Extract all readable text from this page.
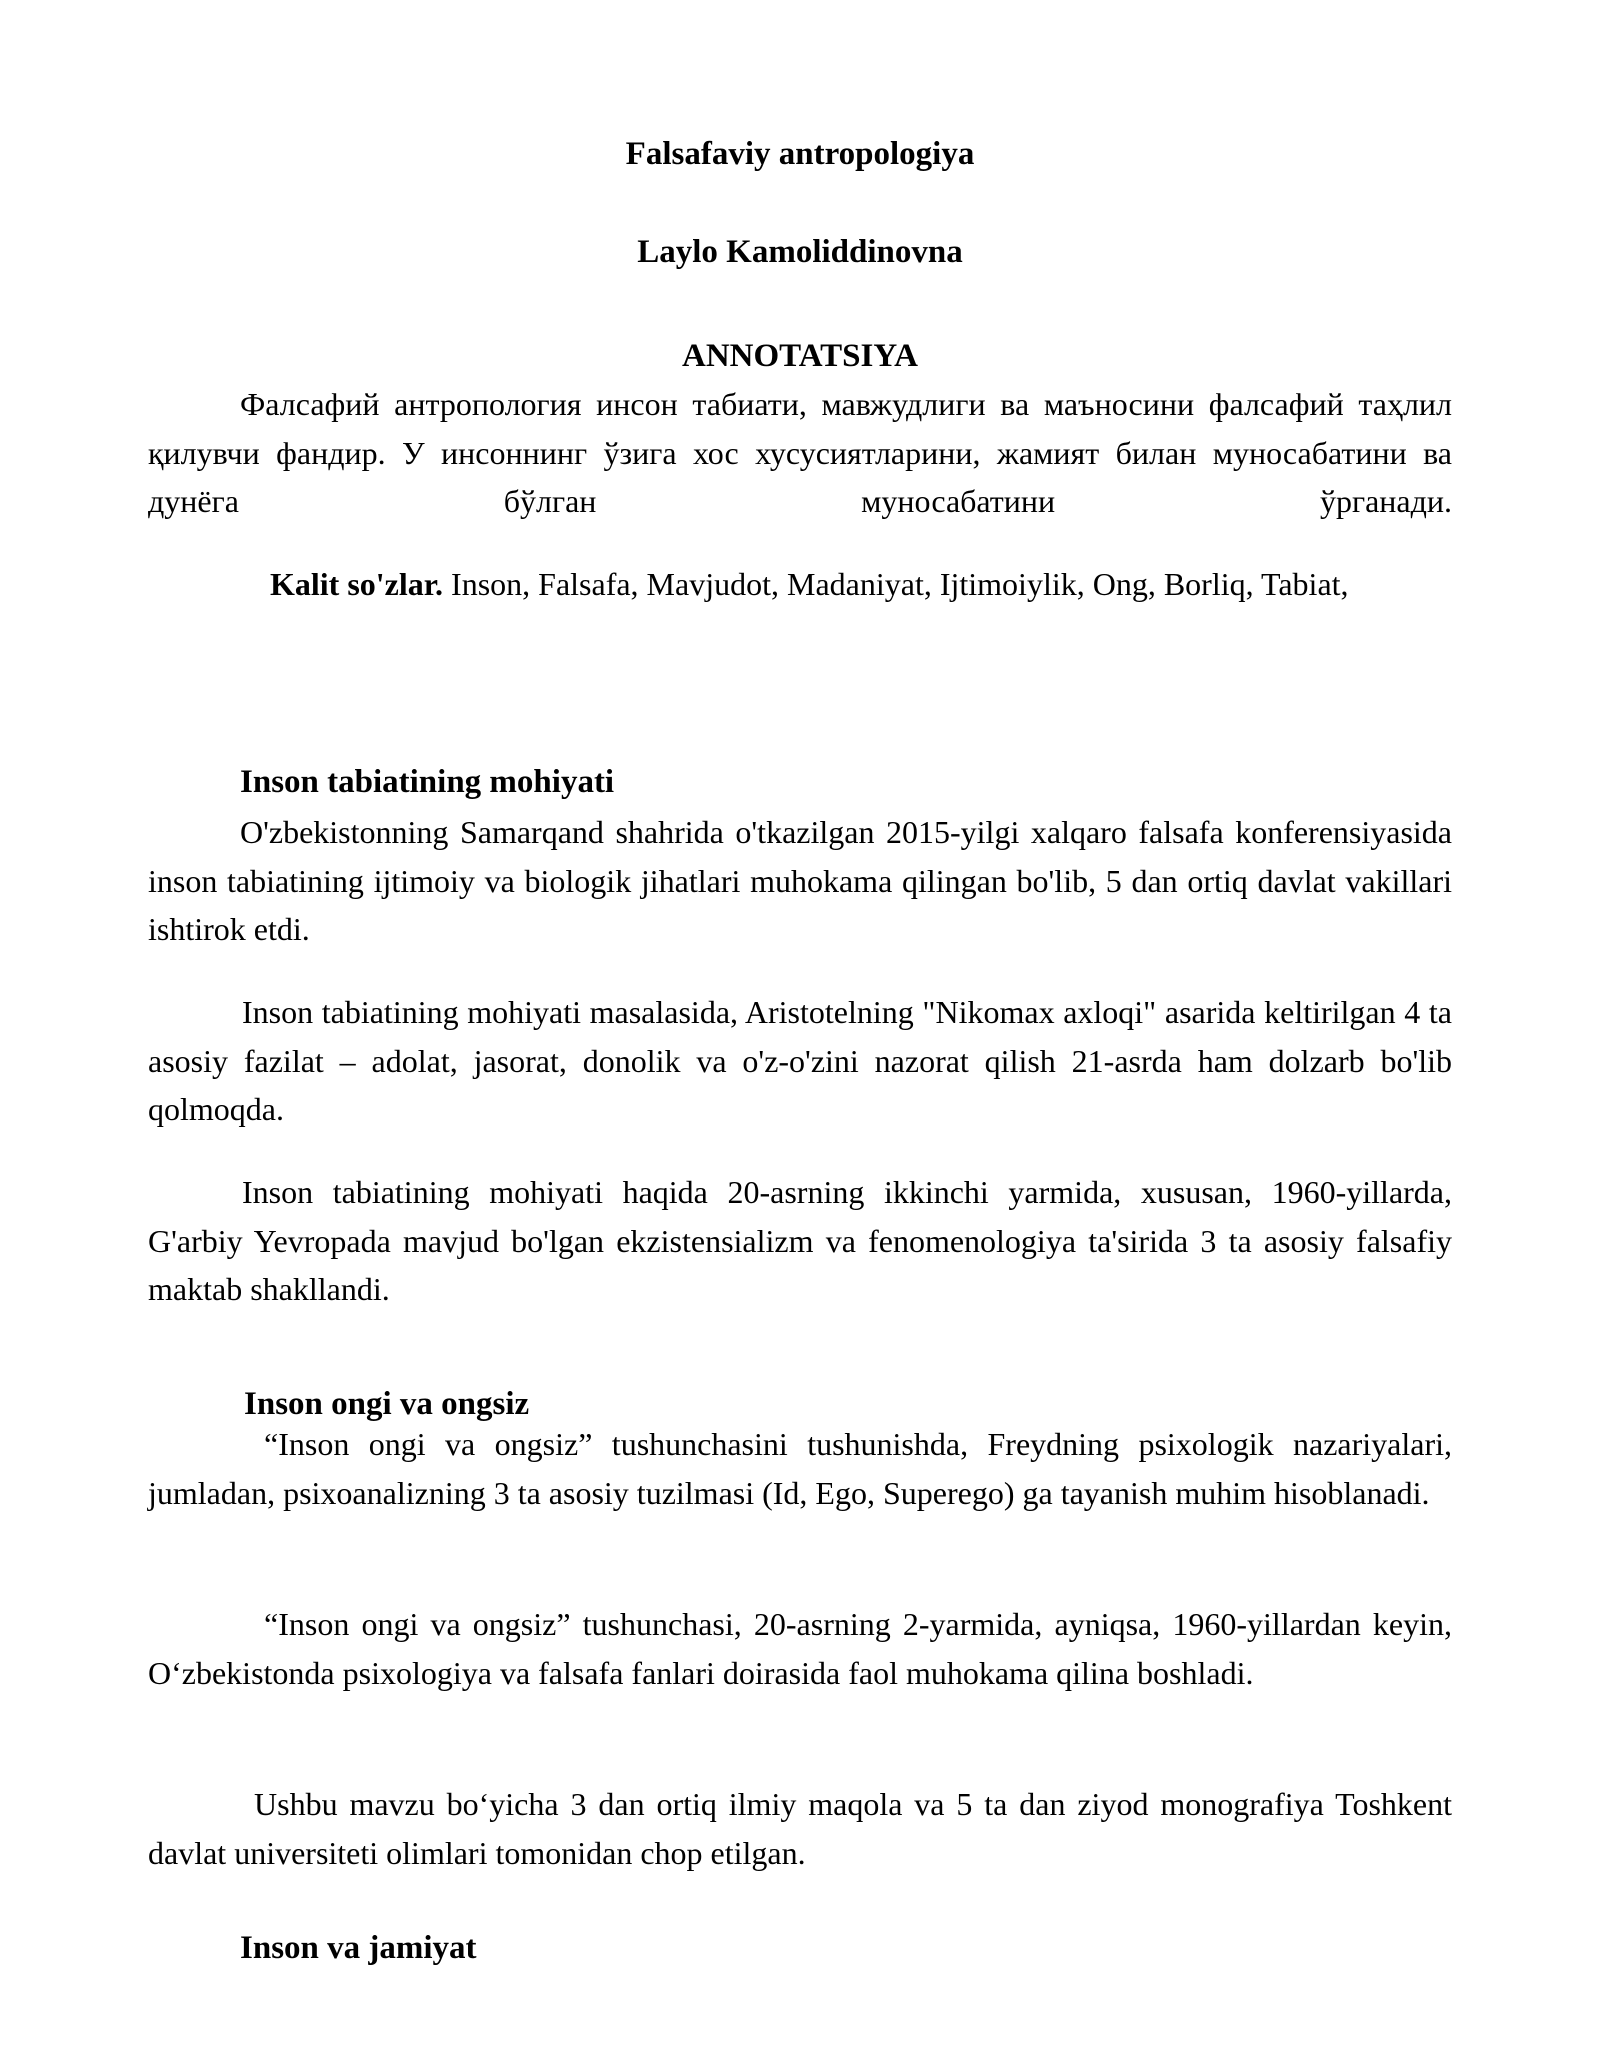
Falsafaviy antropologiya
Laylo Kamoliddinovna
ANNOTATSIYA

Фалсафий антропология инсон табиати, мавжудлиги ва маъносини фалсафий таҳлил қилувчи фандир. У инсоннинг ўзига хос хусусиятларини, жамият билан муносабатини ва дунёга бўлган муносабатини ўрганади.

Kalit so'zlar. Inson, Falsafa, Mavjudot, Madaniyat, Ijtimoiylik, Ong, Borliq, Tabiat,

Inson tabiatining mohiyati

O'zbekistonning Samarqand shahrida o'tkazilgan 2015-yilgi xalqaro falsafa konferensiyasida inson tabiatining ijtimoiy va biologik jihatlari muhokama qilingan bo'lib, 5 dan ortiq davlat vakillari ishtirok etdi.

Inson tabiatining mohiyati masalasida, Aristotelning "Nikomax axloqi" asarida keltirilgan 4 ta asosiy fazilat – adolat, jasorat, donolik va o'z-o'zini nazorat qilish 21-asrda ham dolzarb bo'lib qolmoqda.

Inson tabiatining mohiyati haqida 20-asrning ikkinchi yarmida, xususan, 1960-yillarda, G'arbiy Yevropada mavjud bo'lgan ekzistensializm va fenomenologiya ta'sirida 3 ta asosiy falsafiy maktab shakllandi.

Inson ongi va ongsiz

“Inson ongi va ongsiz” tushunchasini tushunishda, Freydning psixologik nazariyalari, jumladan, psixoanalizning 3 ta asosiy tuzilmasi (Id, Ego, Superego) ga tayanish muhim hisoblanadi.

“Inson ongi va ongsiz” tushunchasi, 20-asrning 2-yarmida, ayniqsa, 1960-yillardan keyin, O‘zbekistonda psixologiya va falsafa fanlari doirasida faol muhokama qilina boshladi.

Ushbu mavzu bo‘yicha 3 dan ortiq ilmiy maqola va 5 ta dan ziyod monografiya Toshkent davlat universiteti olimlari tomonidan chop etilgan.

Inson va jamiyat
